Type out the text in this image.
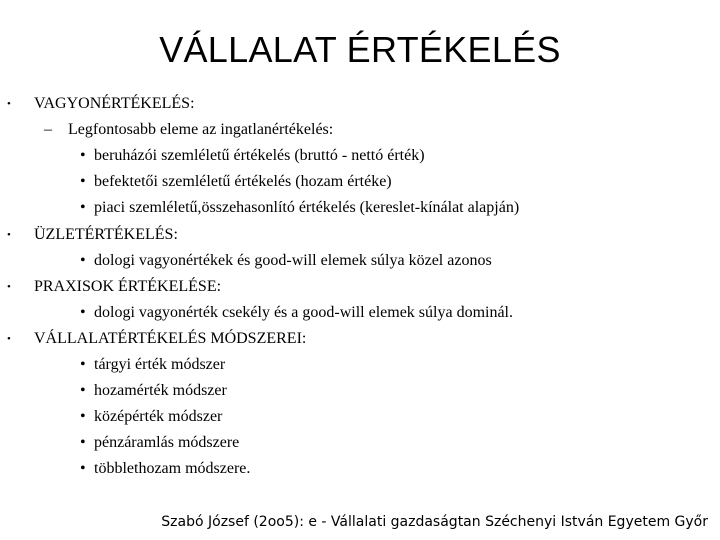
VÁLLALAT ÉRTÉKELÉS
• VAGYONÉRTÉKELÉS:
– Legfontosabb eleme az ingatlanértékelés:
• beruházói szemléletű értékelés (bruttó - nettó érték)
• befektetői szemléletű értékelés (hozam értéke)
• piaci szemléletű,összehasonlító értékelés (kereslet-kínálat alapján)
• ÜZLETÉRTÉKELÉS:
• dologi vagyonértékek és good-will elemek súlya közel azonos
• PRAXISOK ÉRTÉKELÉSE:
• dologi vagyonérték csekély és a good-will elemek súlya dominál.
• VÁLLALATÉRTÉKELÉS MÓDSZEREI:
• tárgyi érték módszer
• hozamérték módszer
• középérték módszer
• pénzáramlás módszere
• többlethozam módszere.
Szabó József (2oo5): e - Vállalati gazdaságtan Széchenyi István Egyetem Győr
